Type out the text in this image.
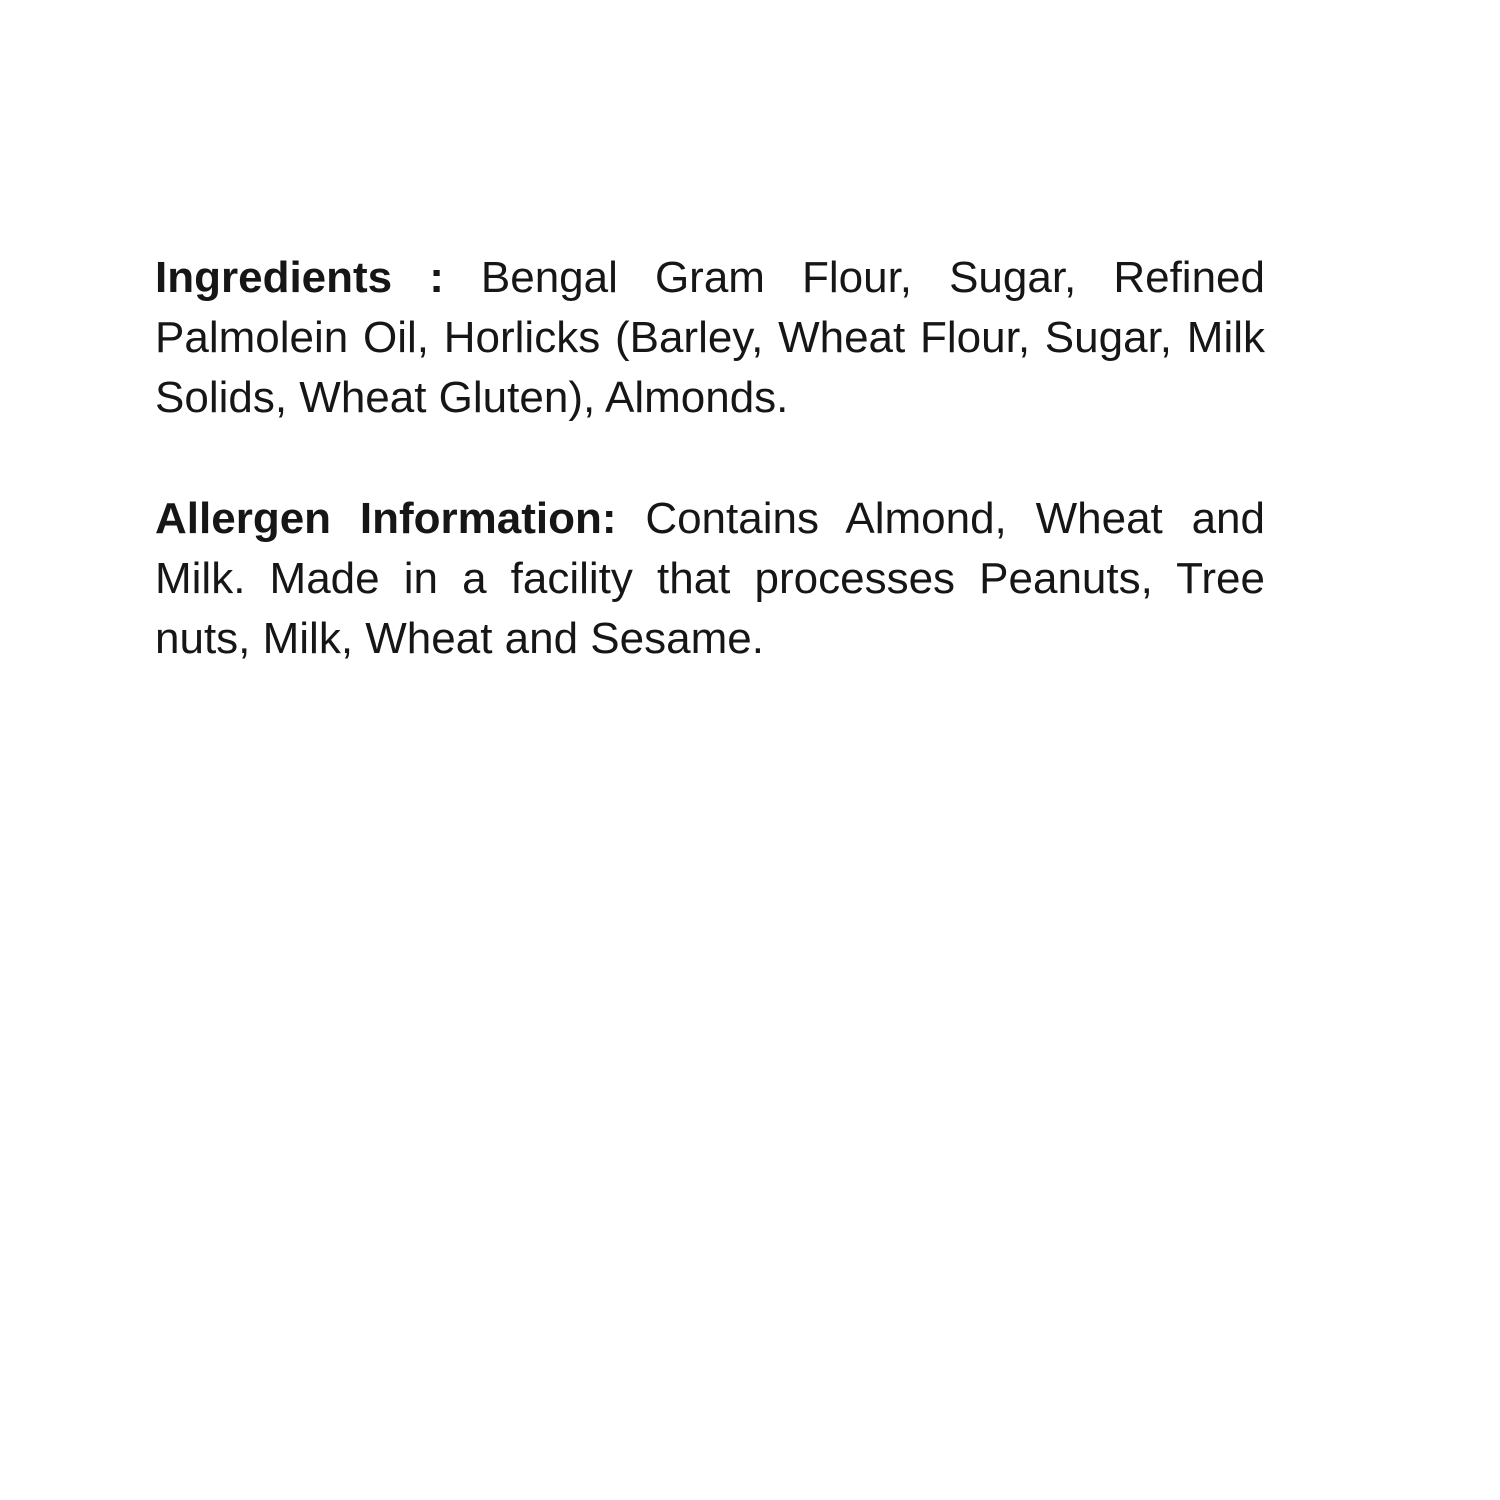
Ingredients : Bengal Gram Flour, Sugar, Refined Palmolein Oil, Horlicks (Barley, Wheat Flour, Sugar, Milk Solids, Wheat Gluten), Almonds.

Allergen Information: Contains Almond, Wheat and Milk. Made in a facility that processes Peanuts, Tree nuts, Milk, Wheat and Sesame.
